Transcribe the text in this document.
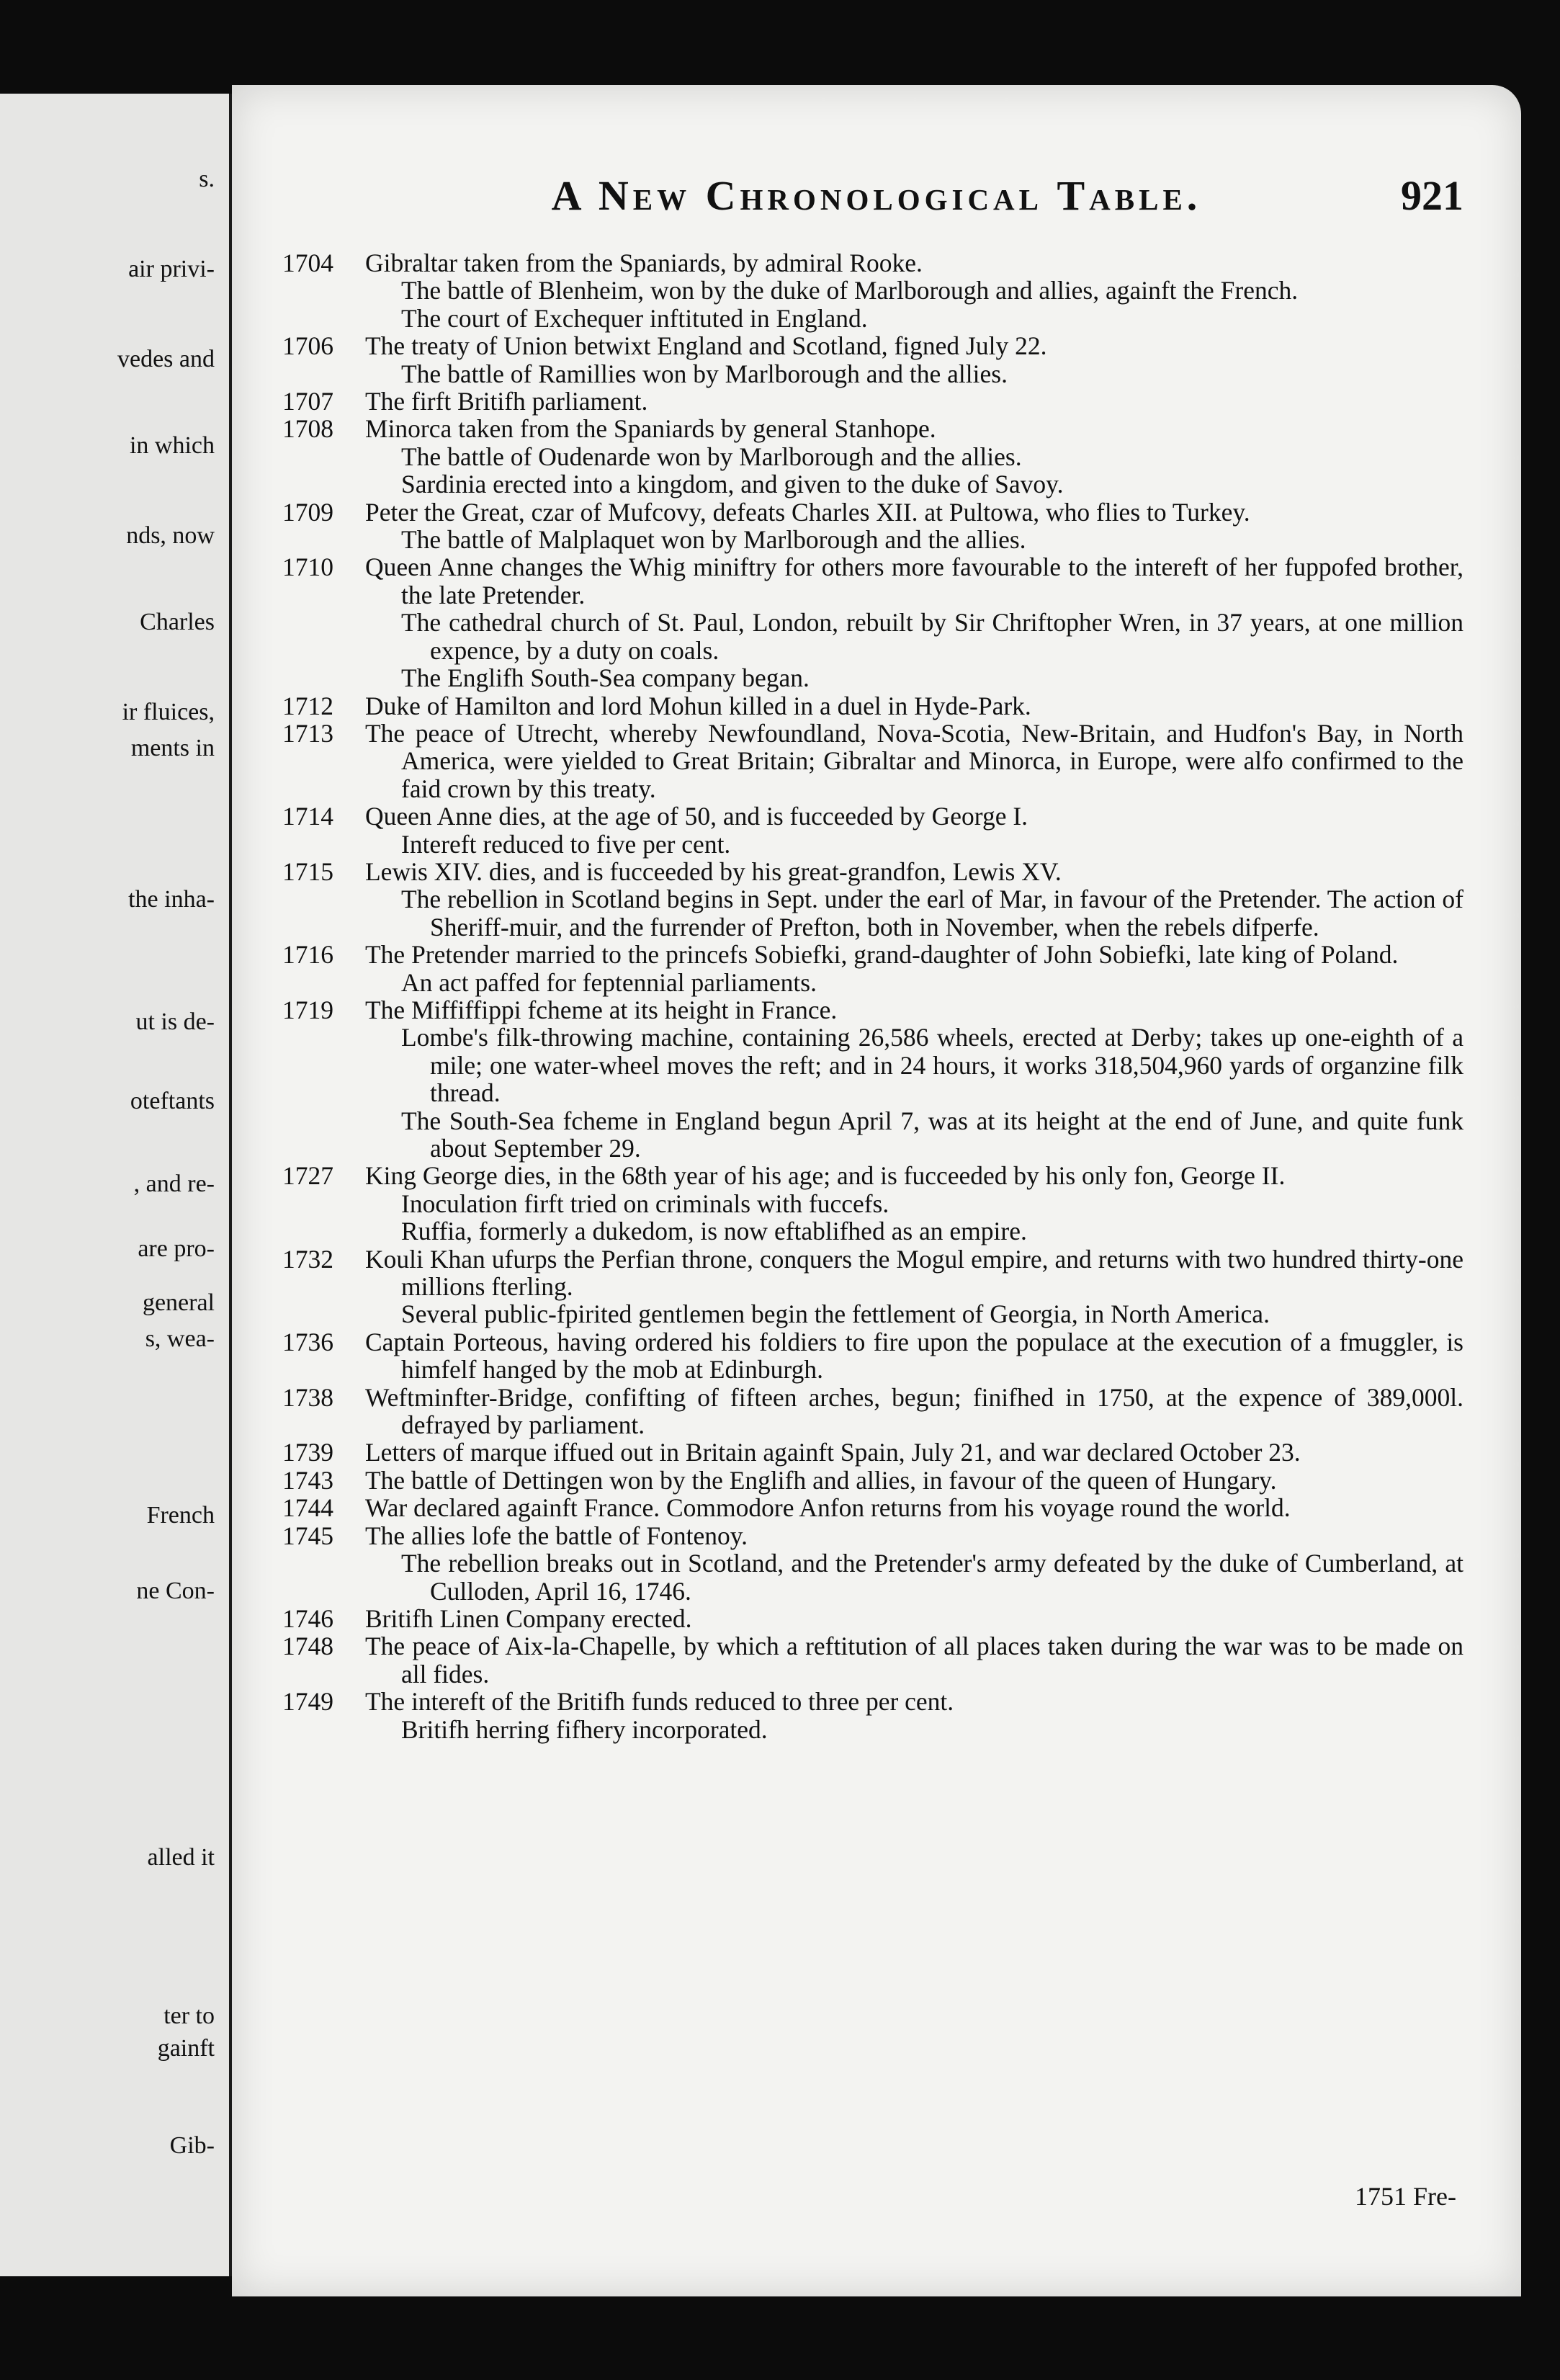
s.
air privi-
vedes and
in which
nds, now
Charles
ir fluices,
ments in
the inha-
ut is de-
oteftants
, and re-
are pro-
general
s, wea-
French
ne Con-
alled it
ter to
gainft
Gib-
A New Chronological Table.	921
1704	Gibraltar taken from the Spaniards, by admiral Rooke.
The battle of Blenheim, won by the duke of Marlborough and allies, againft the French.
The court of Exchequer inftituted in England.
1706	The treaty of Union betwixt England and Scotland, figned July 22.
The battle of Ramillies won by Marlborough and the allies.
1707	The firft Britifh parliament.
1708	Minorca taken from the Spaniards by general Stanhope.
The battle of Oudenarde won by Marlborough and the allies.
Sardinia erected into a kingdom, and given to the duke of Savoy.
1709	Peter the Great, czar of Mufcovy, defeats Charles XII. at Pultowa, who flies to Turkey.
The battle of Malplaquet won by Marlborough and the allies.
1710	Queen Anne changes the Whig miniftry for others more favourable to the intereft of her fuppofed brother, the late Pretender.
The cathedral church of St. Paul, London, rebuilt by Sir Chriftopher Wren, in 37 years, at one million expence, by a duty on coals.
The Englifh South-Sea company began.
1712	Duke of Hamilton and lord Mohun killed in a duel in Hyde-Park.
1713	The peace of Utrecht, whereby Newfoundland, Nova-Scotia, New-Britain, and Hudfon's Bay, in North America, were yielded to Great Britain; Gibraltar and Minorca, in Europe, were alfo confirmed to the faid crown by this treaty.
1714	Queen Anne dies, at the age of 50, and is fucceeded by George I.
Intereft reduced to five per cent.
1715	Lewis XIV. dies, and is fucceeded by his great-grandfon, Lewis XV.
The rebellion in Scotland begins in Sept. under the earl of Mar, in favour of the Pretender. The action of Sheriff-muir, and the furrender of Prefton, both in November, when the rebels difperfe.
1716	The Pretender married to the princefs Sobiefki, grand-daughter of John Sobiefki, late king of Poland.
An act paffed for feptennial parliaments.
1719	The Miffiffippi fcheme at its height in France.
Lombe's filk-throwing machine, containing 26,586 wheels, erected at Derby; takes up one-eighth of a mile; one water-wheel moves the reft; and in 24 hours, it works 318,504,960 yards of organzine filk thread.
The South-Sea fcheme in England begun April 7, was at its height at the end of June, and quite funk about September 29.
1727	King George dies, in the 68th year of his age; and is fucceeded by his only fon, George II.
Inoculation firft tried on criminals with fuccefs.
Ruffia, formerly a dukedom, is now eftablifhed as an empire.
1732	Kouli Khan ufurps the Perfian throne, conquers the Mogul empire, and returns with two hundred thirty-one millions fterling.
Several public-fpirited gentlemen begin the fettlement of Georgia, in North America.
1736	Captain Porteous, having ordered his foldiers to fire upon the populace at the execution of a fmuggler, is himfelf hanged by the mob at Edinburgh.
1738	Weftminfter-Bridge, confifting of fifteen arches, begun; finifhed in 1750, at the expence of 389,000l. defrayed by parliament.
1739	Letters of marque iffued out in Britain againft Spain, July 21, and war declared October 23.
1743	The battle of Dettingen won by the Englifh and allies, in favour of the queen of Hungary.
1744	War declared againft France. Commodore Anfon returns from his voyage round the world.
1745	The allies lofe the battle of Fontenoy.
The rebellion breaks out in Scotland, and the Pretender's army defeated by the duke of Cumberland, at Culloden, April 16, 1746.
1746	Britifh Linen Company erected.
1748	The peace of Aix-la-Chapelle, by which a reftitution of all places taken during the war was to be made on all fides.
1749	The intereft of the Britifh funds reduced to three per cent.
Britifh herring fifhery incorporated.
1751 Fre-
